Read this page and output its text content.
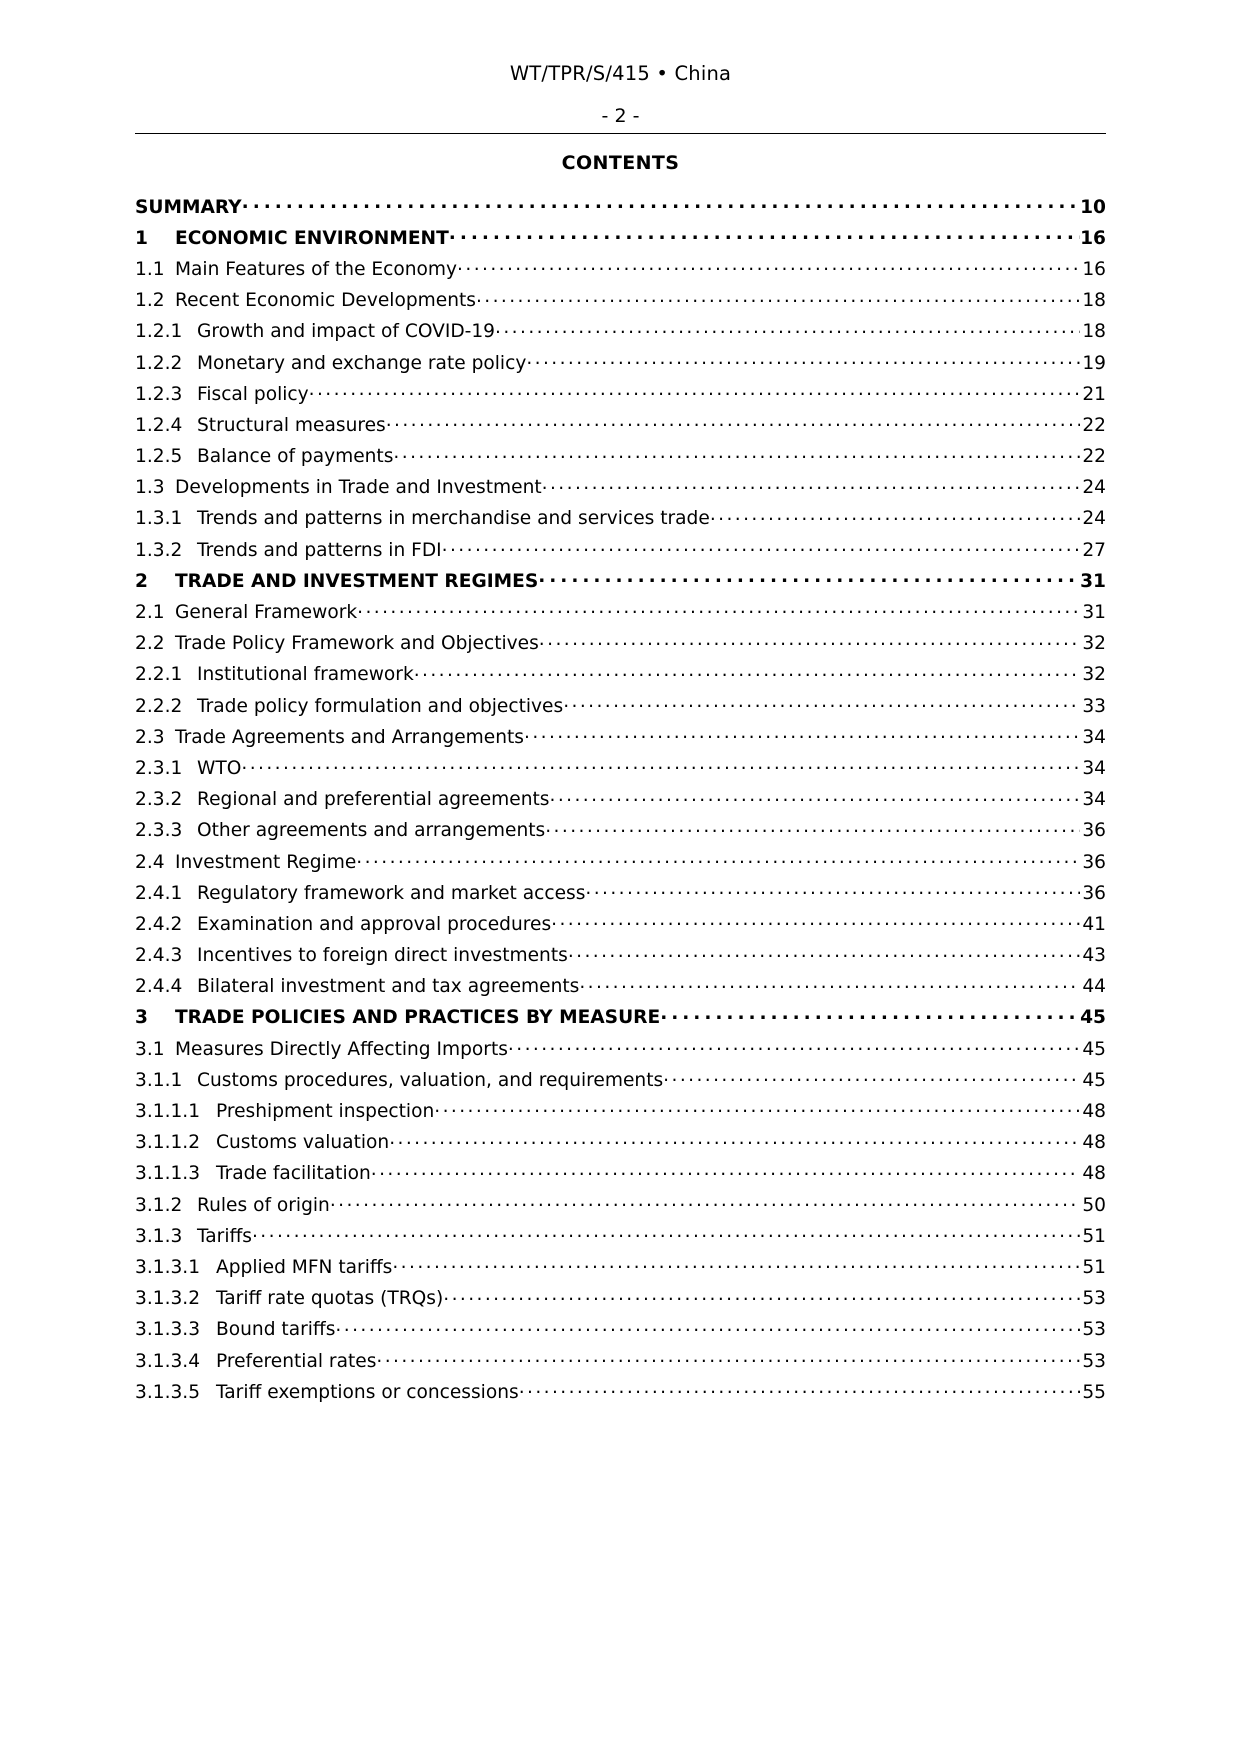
WT/TPR/S/415 • China
- 2 -
CONTENTS
SUMMARY . . .	10
1	ECONOMIC ENVIRONMENT . . .	16
1.1 Main Features of the Economy . . .	16
1.2 Recent Economic Developments . . .	18
1.2.1 Growth and impact of COVID-19 . . .	18
1.2.2 Monetary and exchange rate policy . . .	19
1.2.3 Fiscal policy . . .	21
1.2.4 Structural measures . . .	22
1.2.5 Balance of payments . . .	22
1.3 Developments in Trade and Investment . . .	24
1.3.1 Trends and patterns in merchandise and services trade . . .	24
1.3.2 Trends and patterns in FDI . . .	27
2	TRADE AND INVESTMENT REGIMES . . .	31
2.1 General Framework . . .	31
2.2 Trade Policy Framework and Objectives . . .	32
2.2.1 Institutional framework . . .	32
2.2.2 Trade policy formulation and objectives . . .	33
2.3 Trade Agreements and Arrangements . . .	34
2.3.1 WTO . . .	34
2.3.2 Regional and preferential agreements . . .	34
2.3.3 Other agreements and arrangements . . .	36
2.4 Investment Regime . . .	36
2.4.1 Regulatory framework and market access . . .	36
2.4.2 Examination and approval procedures . . .	41
2.4.3 Incentives to foreign direct investments . . .	43
2.4.4 Bilateral investment and tax agreements . . .	44
3	TRADE POLICIES AND PRACTICES BY MEASURE . . .	45
3.1 Measures Directly Affecting Imports . . .	45
3.1.1 Customs procedures, valuation, and requirements . . .	45
3.1.1.1 Preshipment inspection . . .	48
3.1.1.2 Customs valuation . . .	48
3.1.1.3 Trade facilitation . . .	48
3.1.2 Rules of origin . . .	50
3.1.3 Tariffs . . .	51
3.1.3.1 Applied MFN tariffs . . .	51
3.1.3.2 Tariff rate quotas (TRQs) . . .	53
3.1.3.3 Bound tariffs . . .	53
3.1.3.4 Preferential rates . . .	53
3.1.3.5 Tariff exemptions or concessions . . .	55
